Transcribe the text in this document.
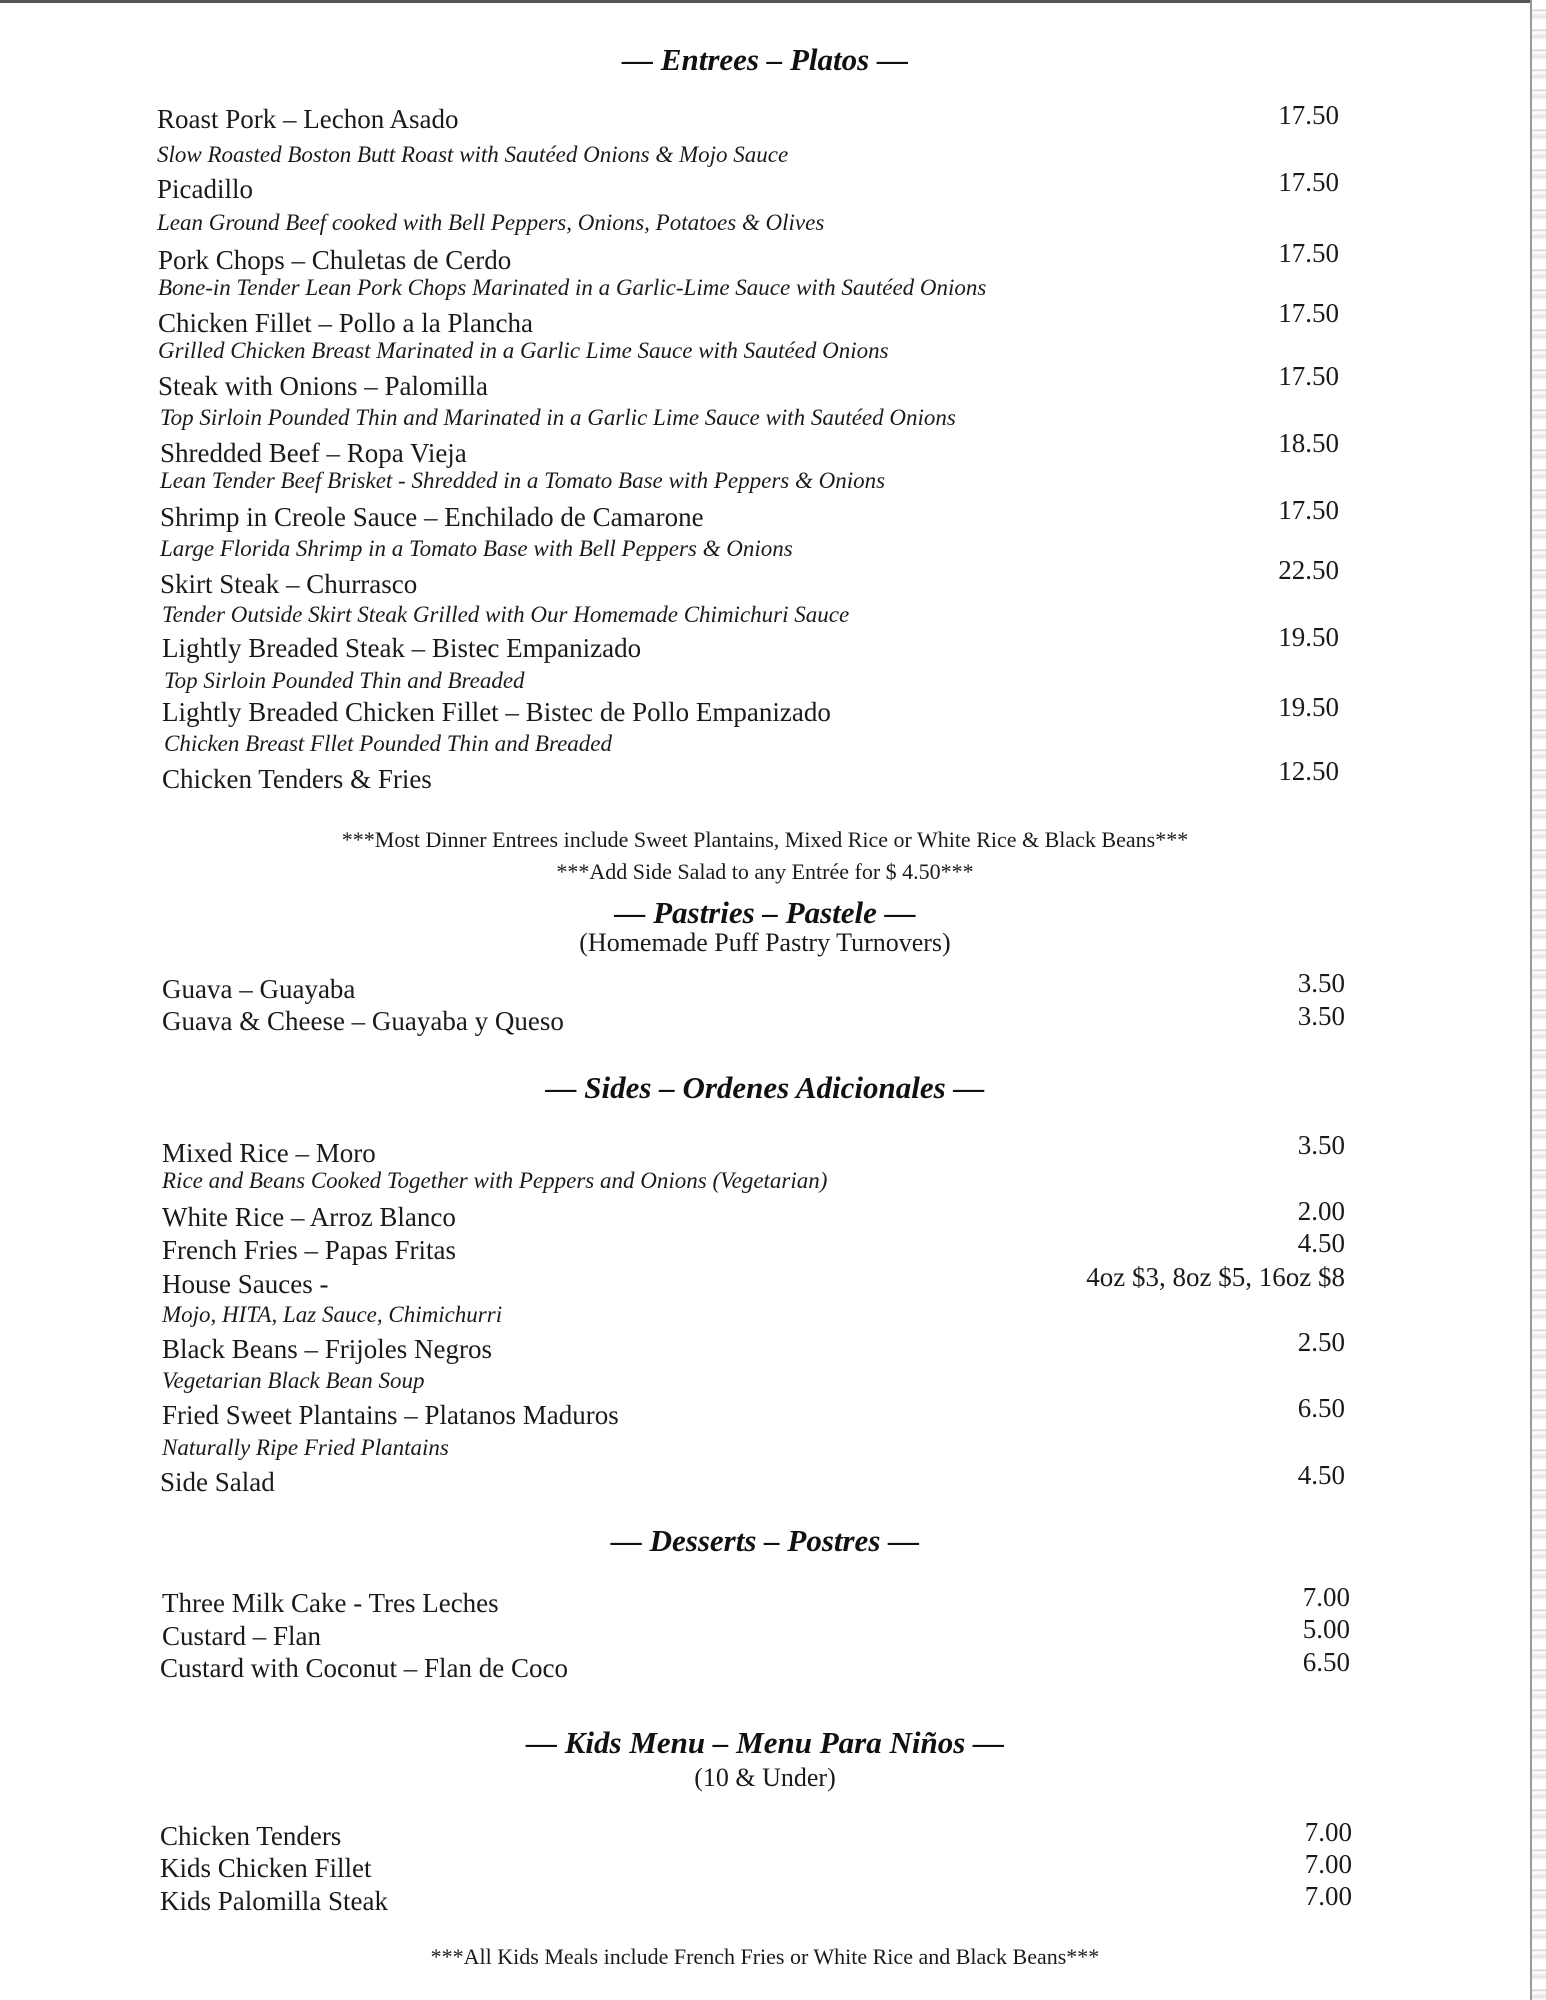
— Entrees – Platos —
Roast Pork – Lechon Asado	17.50
Slow Roasted Boston Butt Roast with Sautéed Onions & Mojo Sauce
Picadillo	17.50
Lean Ground Beef cooked with Bell Peppers, Onions, Potatoes & Olives
Pork Chops – Chuletas de Cerdo	17.50
Bone-in Tender Lean Pork Chops Marinated in a Garlic-Lime Sauce with Sautéed Onions
Chicken Fillet – Pollo a la Plancha	17.50
Grilled Chicken Breast Marinated in a Garlic Lime Sauce with Sautéed Onions
Steak with Onions – Palomilla	17.50
Top Sirloin Pounded Thin and Marinated in a Garlic Lime Sauce with Sautéed Onions
Shredded Beef – Ropa Vieja	18.50
Lean Tender Beef Brisket - Shredded in a Tomato Base with Peppers & Onions
Shrimp in Creole Sauce – Enchilado de Camarone	17.50
Large Florida Shrimp in a Tomato Base with Bell Peppers & Onions
Skirt Steak – Churrasco	22.50
Tender Outside Skirt Steak Grilled with Our Homemade Chimichuri Sauce
Lightly Breaded Steak – Bistec Empanizado	19.50
Top Sirloin Pounded Thin and Breaded
Lightly Breaded Chicken Fillet – Bistec de Pollo Empanizado	19.50
Chicken Breast Fllet Pounded Thin and Breaded
Chicken Tenders & Fries	12.50
***Most Dinner Entrees include Sweet Plantains, Mixed Rice or White Rice & Black Beans***
***Add Side Salad to any Entrée for $ 4.50***
— Pastries – Pastele —
(Homemade Puff Pastry Turnovers)
Guava – Guayaba	3.50
Guava & Cheese – Guayaba y Queso	3.50
— Sides – Ordenes Adicionales —
Mixed Rice – Moro	3.50
Rice and Beans Cooked Together with Peppers and Onions (Vegetarian)
White Rice – Arroz Blanco	2.00
French Fries – Papas Fritas	4.50
House Sauces -	4oz $3, 8oz $5, 16oz $8
Mojo, HITA, Laz Sauce, Chimichurri
Black Beans – Frijoles Negros	2.50
Vegetarian Black Bean Soup
Fried Sweet Plantains – Platanos Maduros	6.50
Naturally Ripe Fried Plantains
Side Salad	4.50
— Desserts – Postres —
Three Milk Cake - Tres Leches	7.00
Custard – Flan	5.00
Custard with Coconut – Flan de Coco	6.50
— Kids Menu – Menu Para Niños —
(10 & Under)
Chicken Tenders	7.00
Kids Chicken Fillet	7.00
Kids Palomilla Steak	7.00
***All Kids Meals include French Fries or White Rice and Black Beans***
